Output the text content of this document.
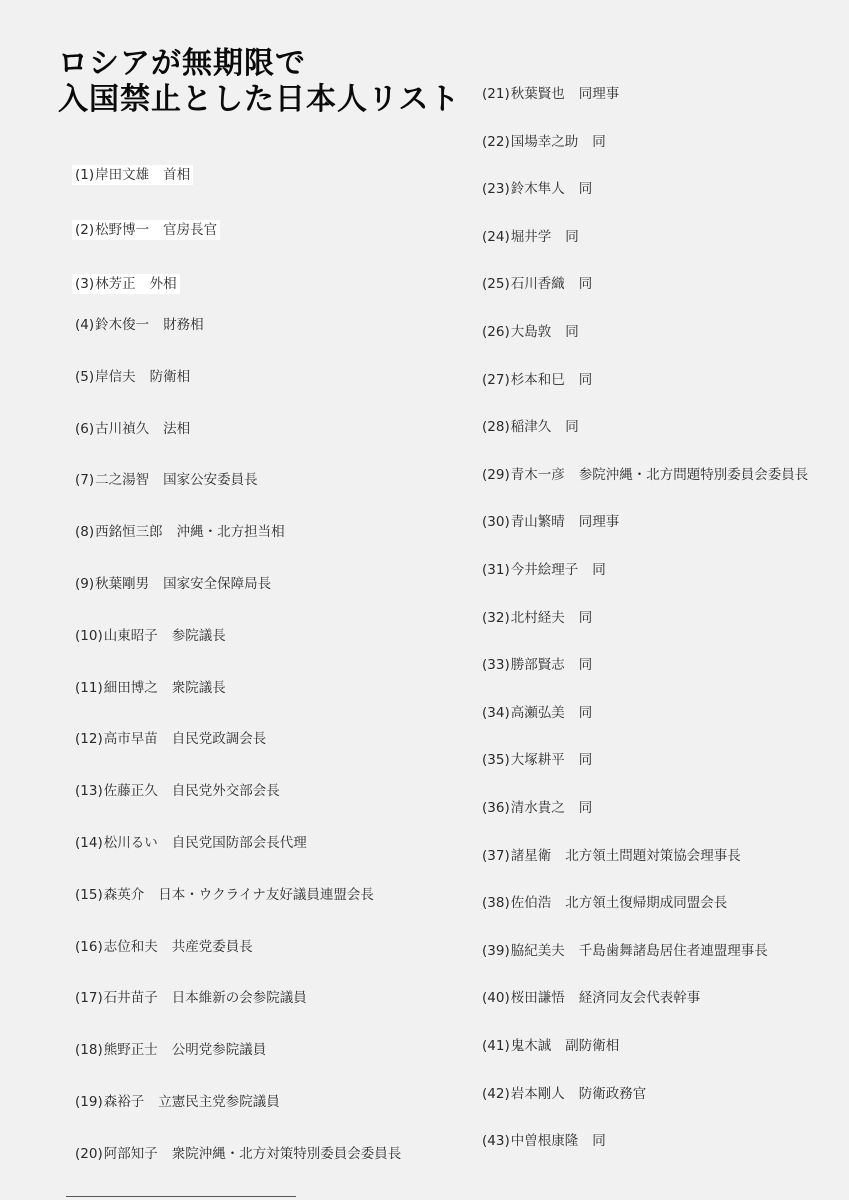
ロシアが無期限で
入国禁止とした日本人リスト
(1)岸田文雄 首相
(2)松野博一 官房長官
(3)林芳正 外相
(4)鈴木俊一 財務相
(5)岸信夫 防衛相
(6)古川禎久 法相
(7)二之湯智 国家公安委員長
(8)西銘恒三郎 沖縄・北方担当相
(9)秋葉剛男 国家安全保障局長
(10)山東昭子 参院議長
(11)細田博之 衆院議長
(12)高市早苗 自民党政調会長
(13)佐藤正久 自民党外交部会長
(14)松川るい 自民党国防部会長代理
(15)森英介 日本・ウクライナ友好議員連盟会長
(16)志位和夫 共産党委員長
(17)石井苗子 日本維新の会参院議員
(18)熊野正士 公明党参院議員
(19)森裕子 立憲民主党参院議員
(20)阿部知子 衆院沖縄・北方対策特別委員会委員長
(21)秋葉賢也 同理事
(22)国場幸之助 同
(23)鈴木隼人 同
(24)堀井学 同
(25)石川香織 同
(26)大島敦 同
(27)杉本和巳 同
(28)稲津久 同
(29)青木一彦 参院沖縄・北方問題特別委員会委員長
(30)青山繁晴 同理事
(31)今井絵理子 同
(32)北村経夫 同
(33)勝部賢志 同
(34)高瀬弘美 同
(35)大塚耕平 同
(36)清水貴之 同
(37)諸星衛 北方領土問題対策協会理事長
(38)佐伯浩 北方領土復帰期成同盟会長
(39)脇紀美夫 千島歯舞諸島居住者連盟理事長
(40)桜田謙悟 経済同友会代表幹事
(41)鬼木誠 副防衛相
(42)岩本剛人 防衛政務官
(43)中曽根康隆 同
